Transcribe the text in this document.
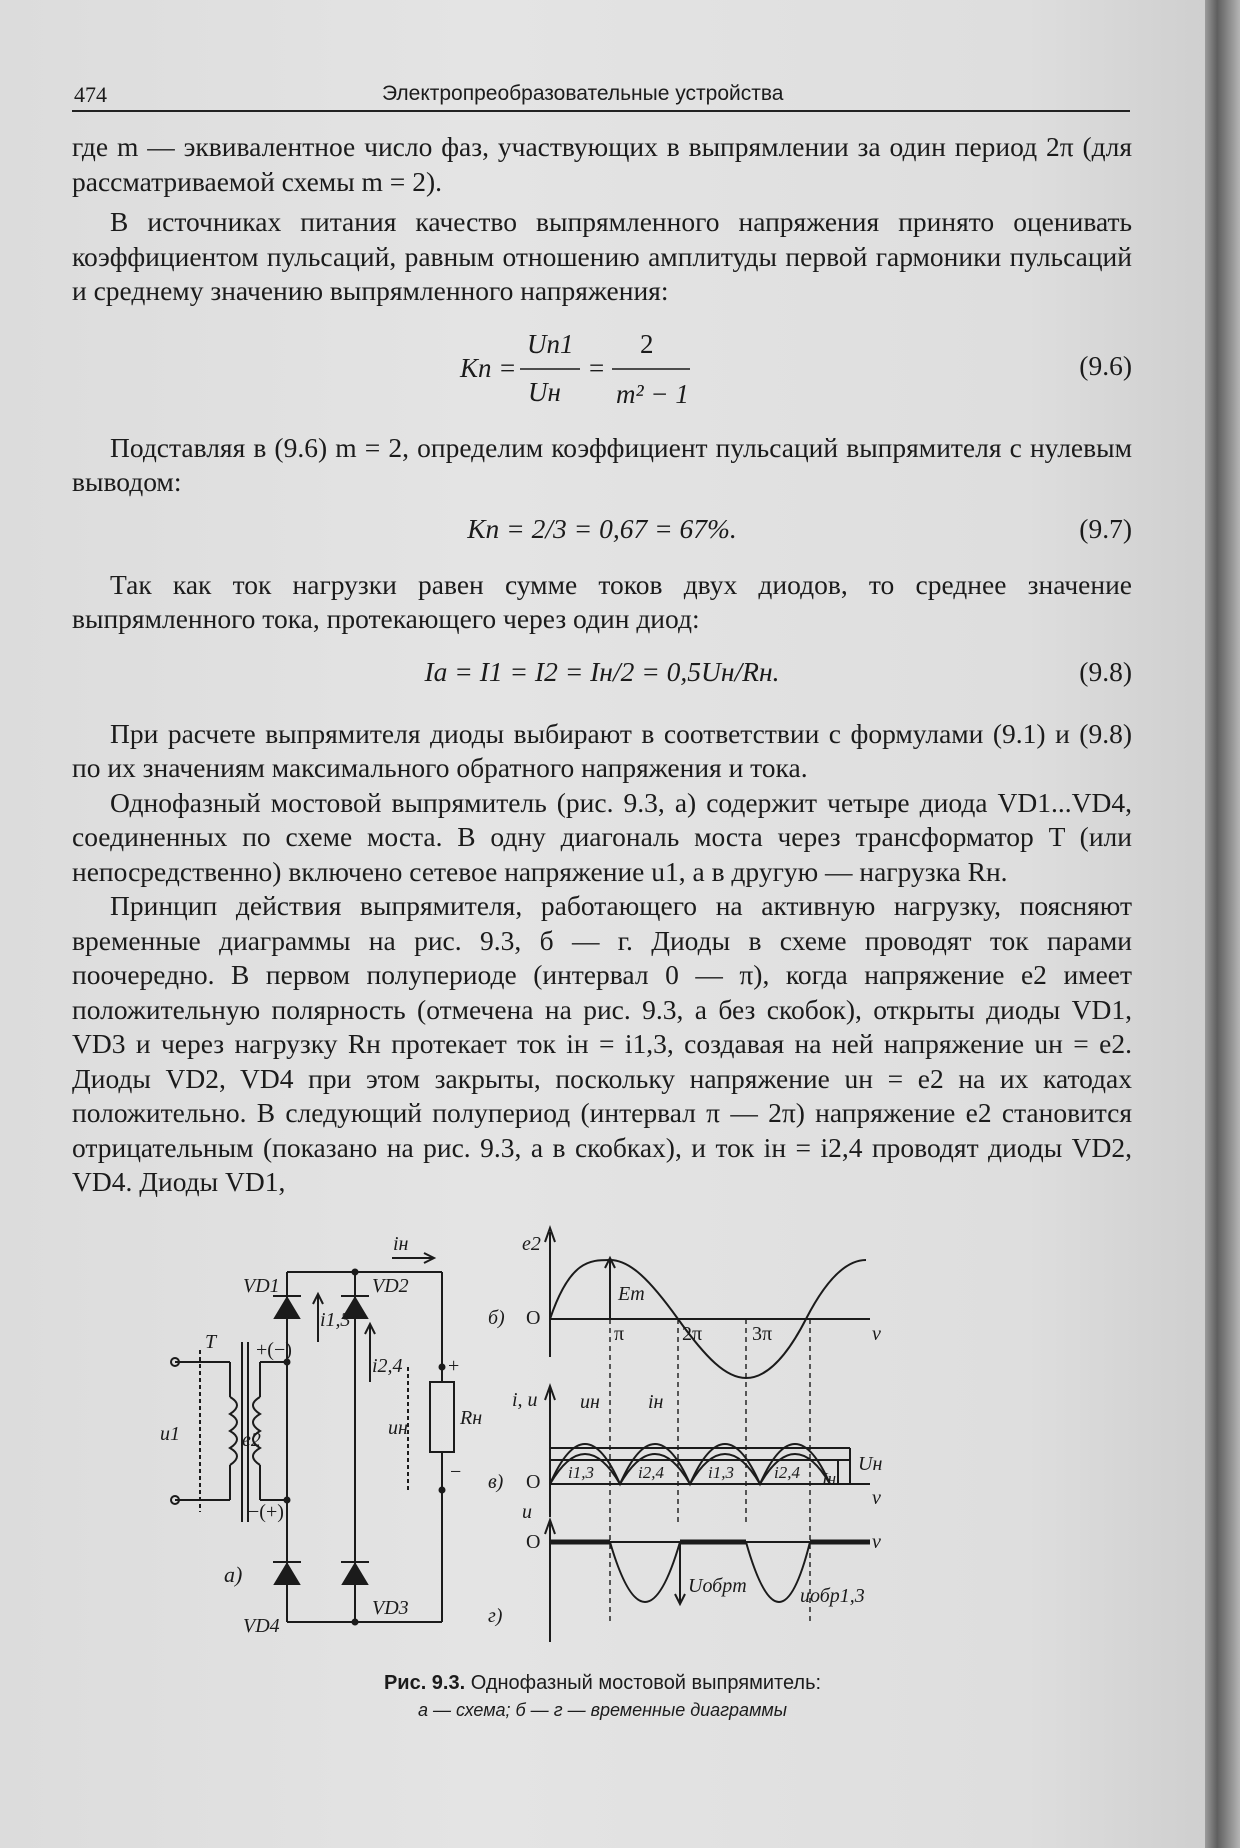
474	Электропреобразовательные устройства

где m — эквивалентное число фаз, участвующих в выпрямлении за один период 2π (для рассматриваемой схемы m = 2).

В источниках питания качество выпрямленного напряжения принято оценивать коэффициентом пульсаций, равным отношению амплитуды первой гармоники пульсаций и среднему значению выпрямленного напряжения:

Kп =
Uп1
Uн
=
2
m² − 1
(9.6)

Подставляя в (9.6) m = 2, определим коэффициент пульсаций выпрямителя с нулевым выводом:

Kп = 2/3 = 0,67 = 67%.	(9.7)

Так как ток нагрузки равен сумме токов двух диодов, то среднее значение выпрямленного тока, протекающего через один диод:

Ia = I1 = I2 = Iн/2 = 0,5Uн/Rн.	(9.8)

При расчете выпрямителя диоды выбирают в соответствии с формулами (9.1) и (9.8) по их значениям максимального обратного напряжения и тока.

Однофазный мостовой выпрямитель (рис. 9.3, а) содержит четыре диода VD1...VD4, соединенных по схеме моста. В одну диагональ моста через трансформатор T (или непосредственно) включено сетевое напряжение u1, а в другую — нагрузка Rн.

Принцип действия выпрямителя, работающего на активную нагрузку, поясняют временные диаграммы на рис. 9.3, б — г. Диоды в схеме проводят ток парами поочередно. В первом полупериоде (интервал 0 — π), когда напряжение e2 имеет положительную полярность (отмечена на рис. 9.3, а без скобок), открыты диоды VD1, VD3 и через нагрузку Rн протекает ток iн = i1,3, создавая на ней напряжение uн = e2. Диоды VD2, VD4 при этом закрыты, поскольку напряжение uн = e2 на их катодах положительно. В следующий полупериод (интервал π — 2π) напряжение e2 становится отрицательным (показано на рис. 9.3, а в скобках), и ток iн = i2,4 проводят диоды VD2, VD4. Диоды VD1,

VD1	VD2
VD3
VD4
T
e2
u1
i1,3
i2,4
iн
uн	Rн
а)
+(−)
−(+)
+
−
e2
Em
O
π	2π 3π	ν
б)
i, u uн iн
i1,3	i2,4	i1,3 i2,4	Uн
Iн
O
ν
в)
u
O	ν
Uобрm	uобр1,3
г)
Рис. 9.3. Однофазный мостовой выпрямитель:
а — схема; б — г — временные диаграммы
